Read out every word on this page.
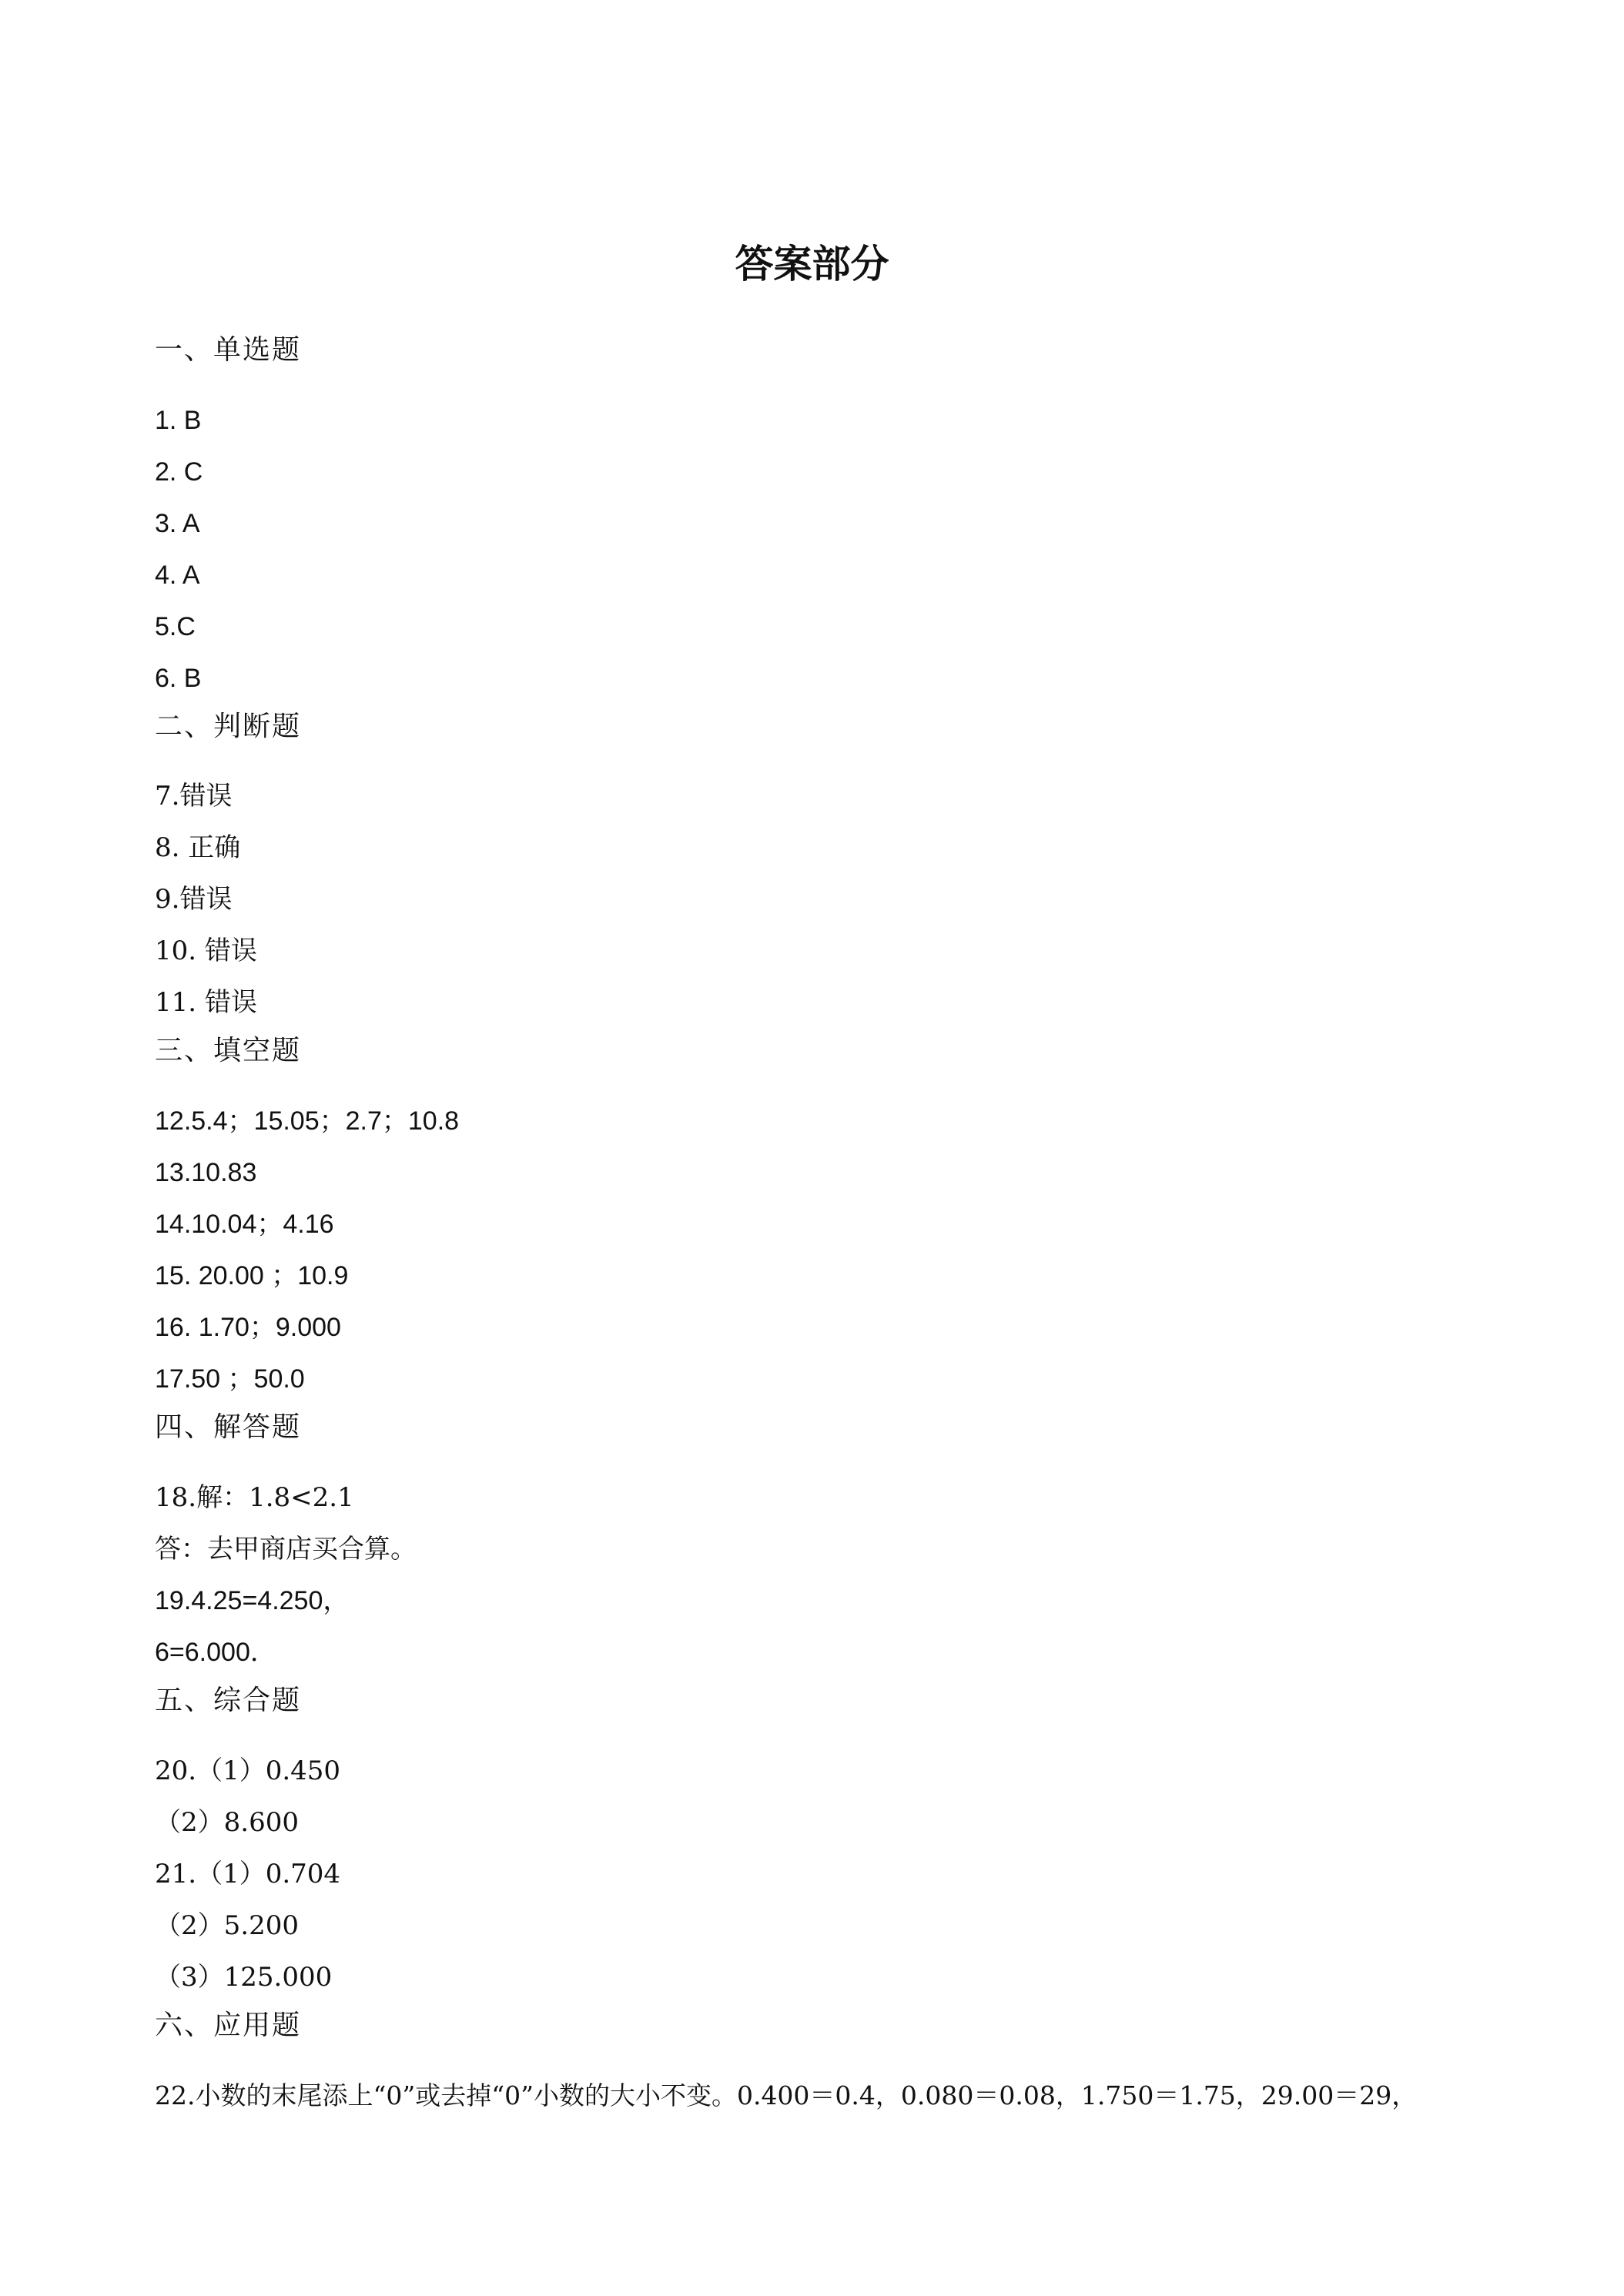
答案部分
一、单选题
1. B
2. C
3. A
4. A
5.C
6. B
二、判断题
7.错误
8. 正确
9.错误
10. 错误
11. 错误
三、填空题
12.5.4；15.05；2.7；10.8
13.10.83
14.10.04；4.16
15. 20.00 ；10.9
16. 1.70；9.000
17.50 ；50.0
四、解答题
18.解：1.8<2.1
答：去甲商店买合算。
19.4.25=4.250，
6=6.000．
五、综合题
20.（1）0.450
（2）8.600
21.（1）0.704
（2）5.200
（3）125.000
六、应用题
22.小数的末尾添上“0”或去掉“0”小数的大小不变。0.400＝0.4，0.080＝0.08，1.750＝1.75，29.00＝29，
